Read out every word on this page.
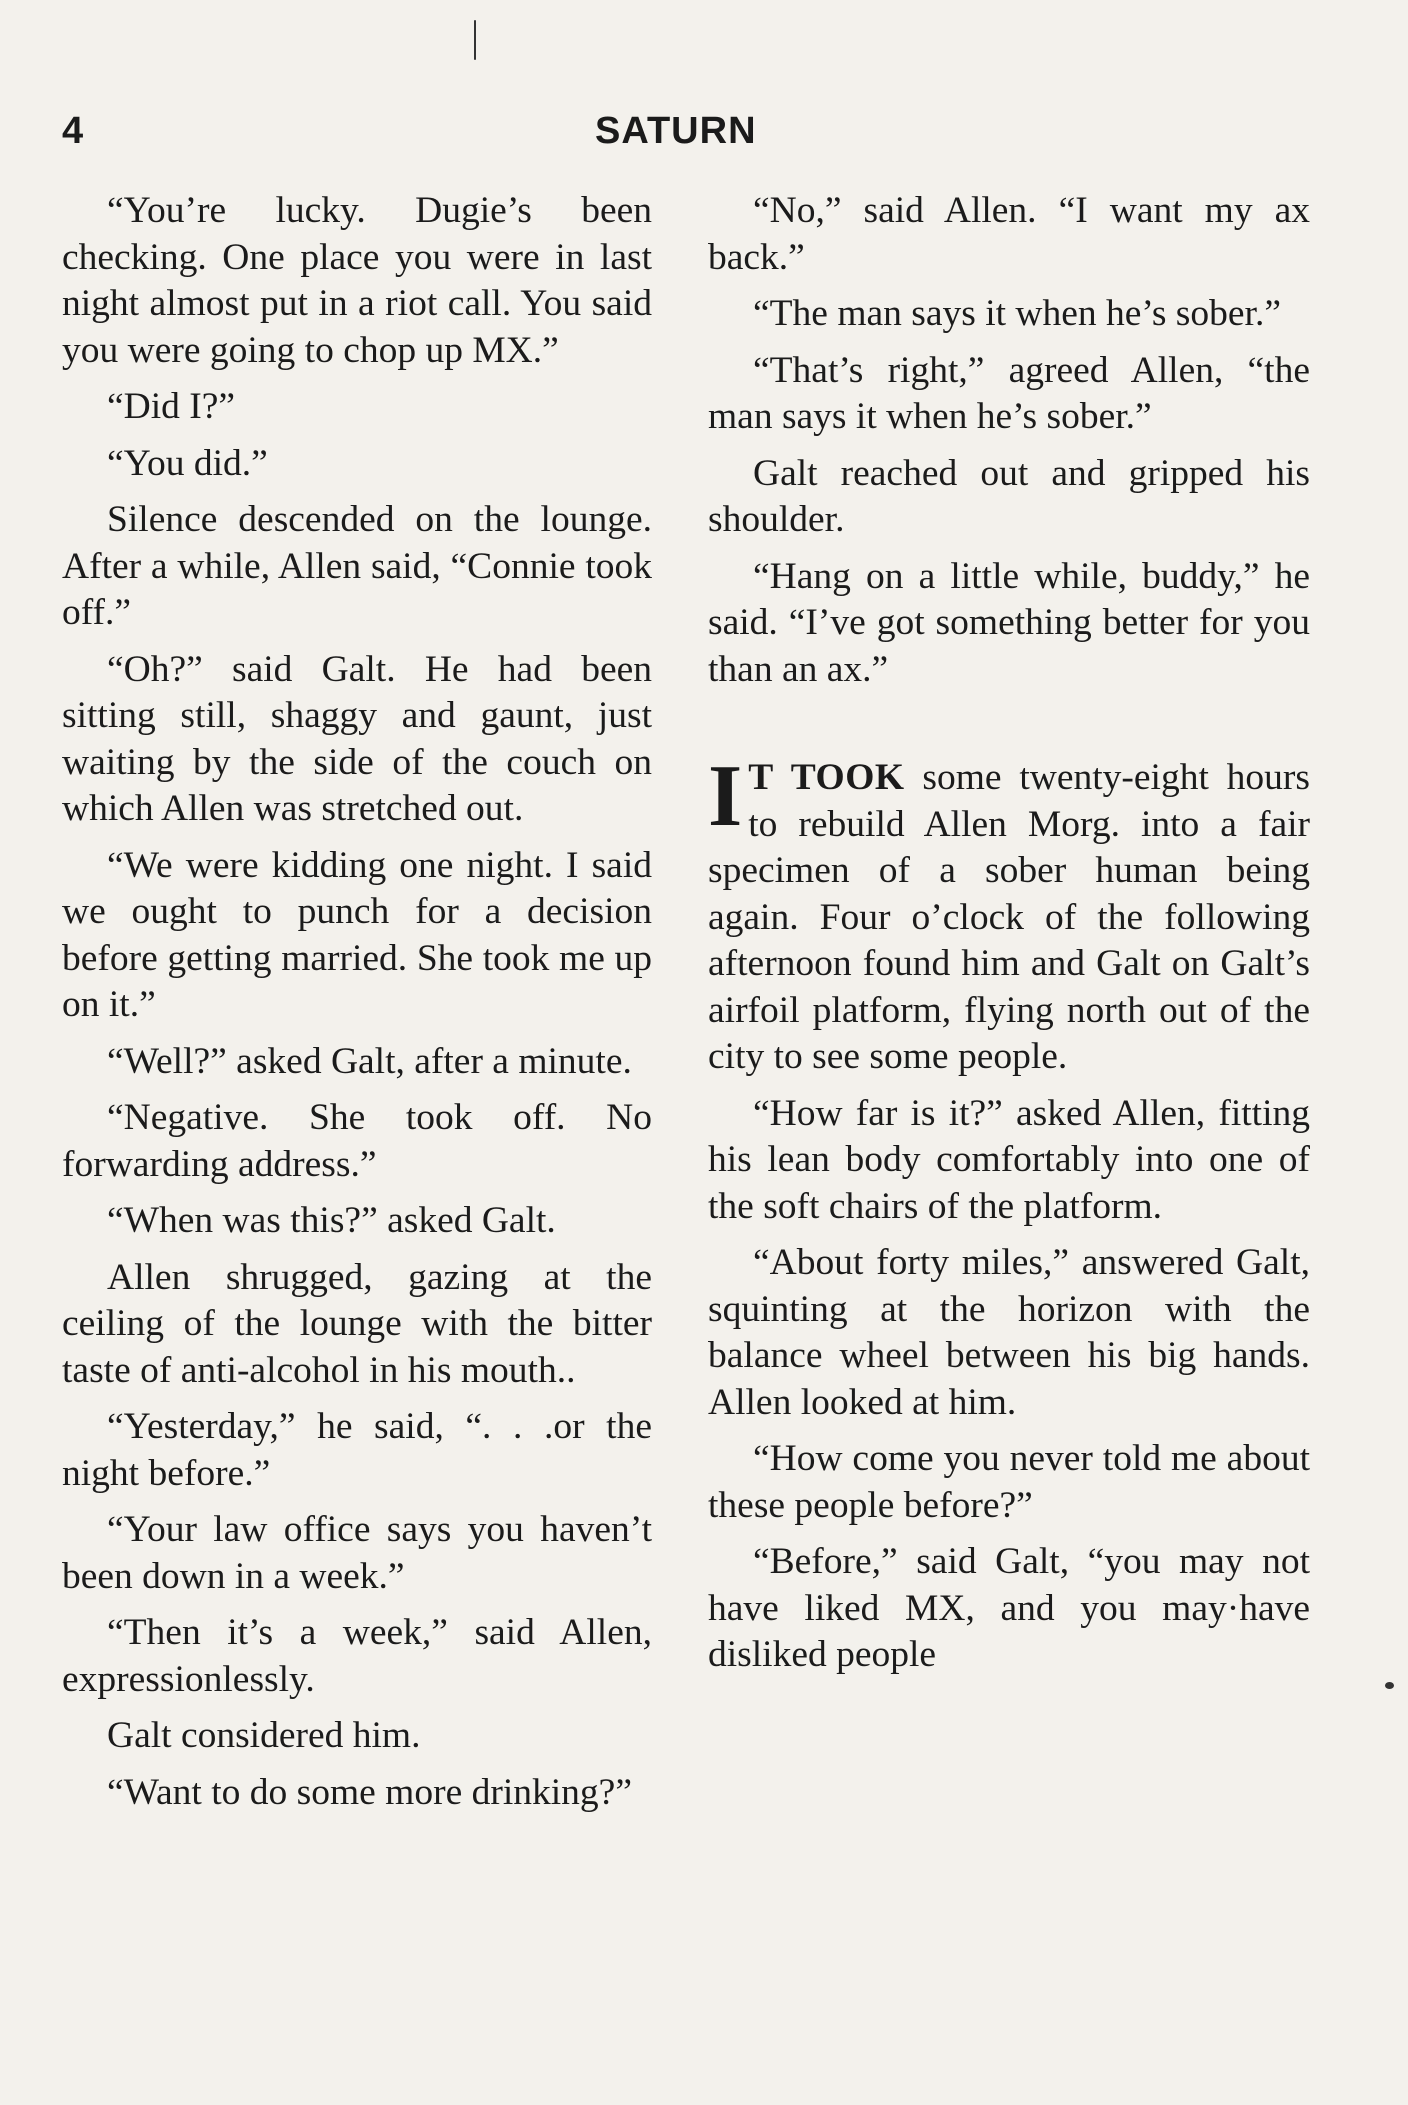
4	SATURN

“You’re lucky. Dugie’s been checking. One place you were in last night almost put in a riot call. You said you were going to chop up MX.”

“Did I?”

“You did.”

Silence descended on the lounge. After a while, Allen said, “Connie took off.”

“Oh?” said Galt. He had been sitting still, shaggy and gaunt, just waiting by the side of the couch on which Allen was stretched out.

“We were kidding one night. I said we ought to punch for a decision before getting married. She took me up on it.”

“Well?” asked Galt, after a minute.

“Negative. She took off. No forwarding address.”

“When was this?” asked Galt.

Allen shrugged, gazing at the ceiling of the lounge with the bitter taste of anti-alcohol in his mouth..

“Yesterday,” he said, “. . .or the night before.”

“Your law office says you haven’t been down in a week.”

“Then it’s a week,” said Allen, expressionlessly.

Galt considered him.

“Want to do some more drinking?”

“No,” said Allen. “I want my ax back.”

“The man says it when he’s sober.”

“That’s right,” agreed Allen, “the man says it when he’s sober.”

Galt reached out and gripped his shoulder.

“Hang on a little while, buddy,” he said. “I’ve got something better for you than an ax.”

I T TOOK some twenty-eight hours to rebuild Allen Morg. into a fair specimen of a sober human being again. Four o’clock of the following afternoon found him and Galt on Galt’s airfoil platform, flying north out of the city to see some people.

“How far is it?” asked Allen, fitting his lean body comfortably into one of the soft chairs of the platform.

“About forty miles,” answered Galt, squinting at the horizon with the balance wheel between his big hands. Allen looked at him.

“How come you never told me about these people before?”

“Before,” said Galt, “you may not have liked MX, and you may·have disliked people
